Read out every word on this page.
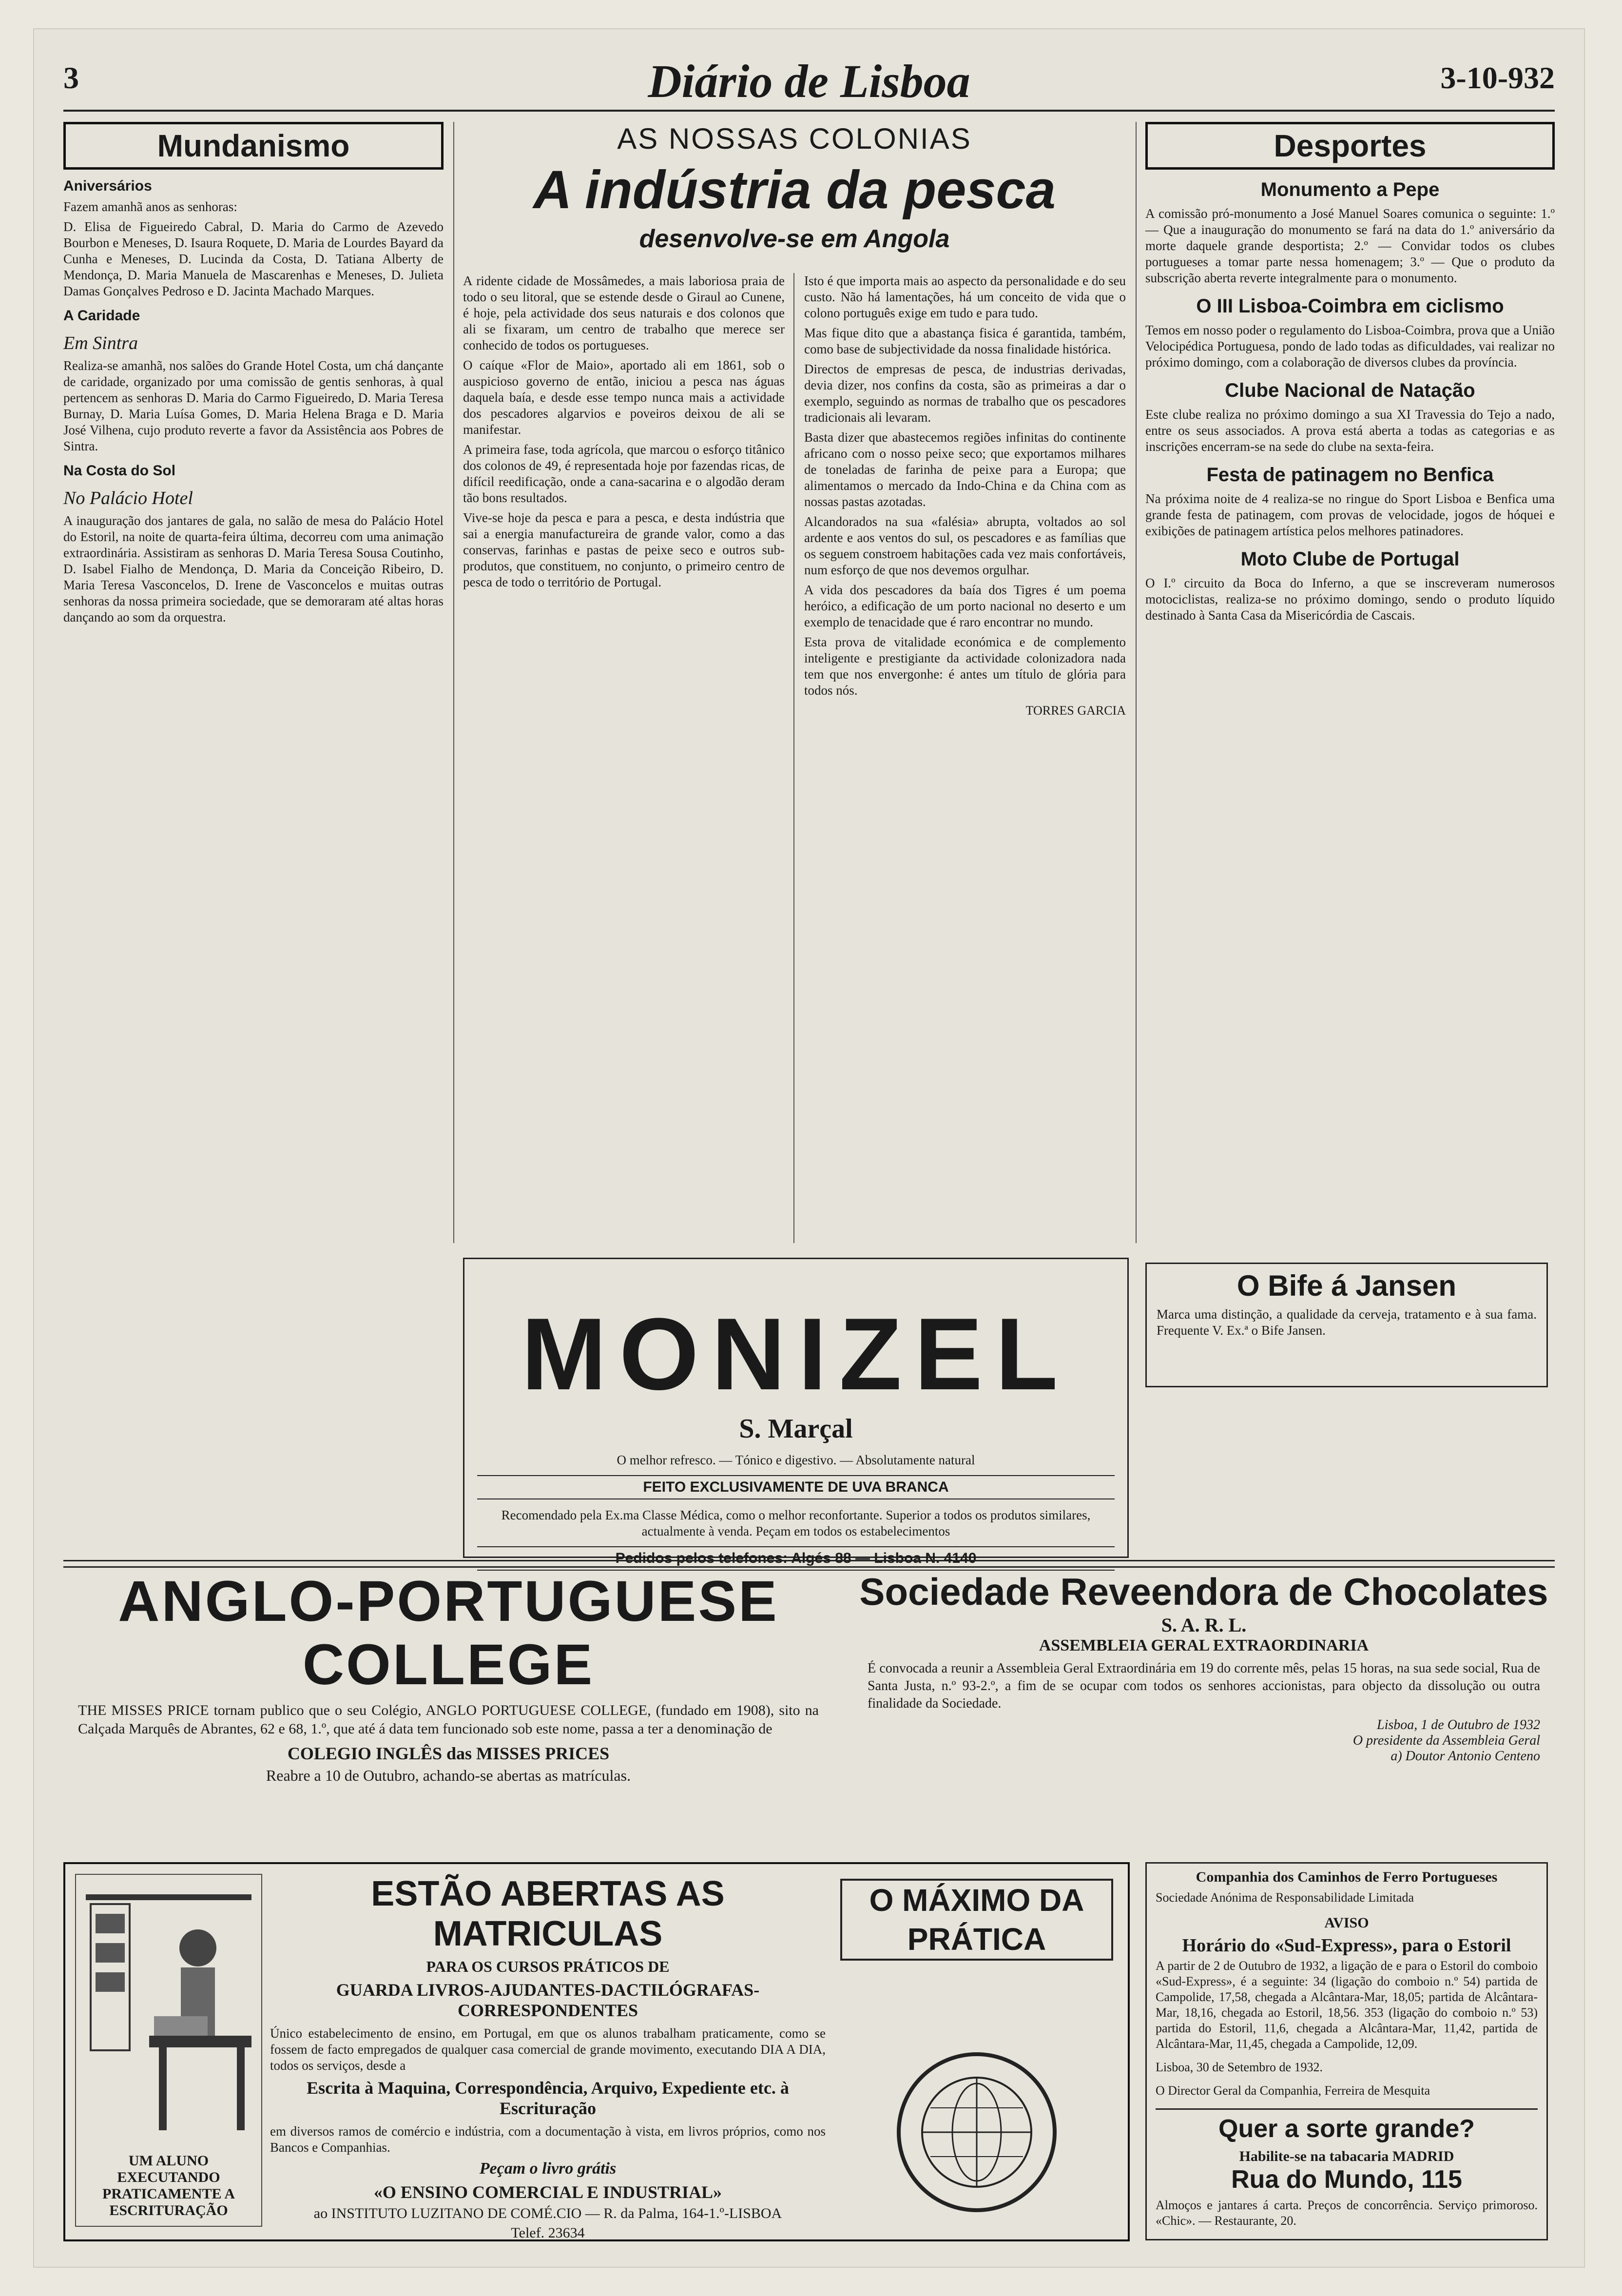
3	Diário de Lisboa	3-10-932
Mundanismo
Aniversários

Fazem amanhã anos as senhoras:

D. Elisa de Figueiredo Cabral, D. Maria do Carmo de Azevedo Bourbon e Meneses, D. Isaura Roquete, D. Maria de Lourdes Bayard da Cunha e Meneses, D. Lucinda da Costa, D. Tatiana Alberty de Mendonça, D. Maria Manuela de Mascarenhas e Meneses, D. Julieta Damas Gonçalves Pedroso e D. Jacinta Machado Marques.

A Caridade
Em Sintra

Realiza-se amanhã, nos salões do Grande Hotel Costa, um chá dançante de caridade, organizado por uma comissão de gentis senhoras, à qual pertencem as senhoras D. Maria do Carmo Figueiredo, D. Maria Teresa Burnay, D. Maria Luísa Gomes, D. Maria Helena Braga e D. Maria José Vilhena, cujo produto reverte a favor da Assistência aos Pobres de Sintra.

Na Costa do Sol
No Palácio Hotel

A inauguração dos jantares de gala, no salão de mesa do Palácio Hotel do Estoril, na noite de quarta-feira última, decorreu com uma animação extraordinária. Assistiram as senhoras D. Maria Teresa Sousa Coutinho, D. Isabel Fialho de Mendonça, D. Maria da Conceição Ribeiro, D. Maria Teresa Vasconcelos, D. Irene de Vasconcelos e muitas outras senhoras da nossa primeira sociedade, que se demoraram até altas horas dançando ao som da orquestra.

AS NOSSAS COLONIAS
A indústria da pesca
desenvolve-se em Angola

A ridente cidade de Mossâmedes, a mais laboriosa praia de todo o seu litoral, que se estende desde o Giraul ao Cunene, é hoje, pela actividade dos seus naturais e dos colonos que ali se fixaram, um centro de trabalho que merece ser conhecido de todos os portugueses.

O caíque «Flor de Maio», aportado ali em 1861, sob o auspicioso governo de então, iniciou a pesca nas águas daquela baía, e desde esse tempo nunca mais a actividade dos pescadores algarvios e poveiros deixou de ali se manifestar.

A primeira fase, toda agrícola, que marcou o esforço titânico dos colonos de 49, é representada hoje por fazendas ricas, de difícil reedificação, onde a cana-sacarina e o algodão deram tão bons resultados.

Vive-se hoje da pesca e para a pesca, e desta indústria que sai a energia manufactureira de grande valor, como a das conservas, farinhas e pastas de peixe seco e outros sub-produtos, que constituem, no conjunto, o primeiro centro de pesca de todo o território de Portugal.

Isto é que importa mais ao aspecto da personalidade e do seu custo. Não há lamentações, há um conceito de vida que o colono português exige em tudo e para tudo.

Mas fique dito que a abastança fisica é garantida, também, como base de subjectividade da nossa finalidade histórica.

Directos de empresas de pesca, de industrias derivadas, devia dizer, nos confins da costa, são as primeiras a dar o exemplo, seguindo as normas de trabalho que os pescadores tradicionais ali levaram.

Basta dizer que abastecemos regiões infinitas do continente africano com o nosso peixe seco; que exportamos milhares de toneladas de farinha de peixe para a Europa; que alimentamos o mercado da Indo-China e da China com as nossas pastas azotadas.

Alcandorados na sua «falésia» abrupta, voltados ao sol ardente e aos ventos do sul, os pescadores e as famílias que os seguem constroem habitações cada vez mais confortáveis, num esforço de que nos devemos orgulhar.

A vida dos pescadores da baía dos Tigres é um poema heróico, a edificação de um porto nacional no deserto e um exemplo de tenacidade que é raro encontrar no mundo.

Esta prova de vitalidade económica e de complemento inteligente e prestigiante da actividade colonizadora nada tem que nos envergonhe: é antes um título de glória para todos nós.

TORRES GARCIA

Desportes
Monumento a Pepe

A comissão pró-monumento a José Manuel Soares comunica o seguinte: 1.º — Que a inauguração do monumento se fará na data do 1.º aniversário da morte daquele grande desportista; 2.º — Convidar todos os clubes portugueses a tomar parte nessa homenagem; 3.º — Que o produto da subscrição aberta reverte integralmente para o monumento.

O III Lisboa-Coimbra em ciclismo

Temos em nosso poder o regulamento do Lisboa-Coimbra, prova que a União Velocipédica Portuguesa, pondo de lado todas as dificuldades, vai realizar no próximo domingo, com a colaboração de diversos clubes da província.

Clube Nacional de Natação

Este clube realiza no próximo domingo a sua XI Travessia do Tejo a nado, entre os seus associados. A prova está aberta a todas as categorias e as inscrições encerram-se na sede do clube na sexta-feira.

Festa de patinagem no Benfica

Na próxima noite de 4 realiza-se no ringue do Sport Lisboa e Benfica uma grande festa de patinagem, com provas de velocidade, jogos de hóquei e exibições de patinagem artística pelos melhores patinadores.

Moto Clube de Portugal

O I.º circuito da Boca do Inferno, a que se inscreveram numerosos motociclistas, realiza-se no próximo domingo, sendo o produto líquido destinado à Santa Casa da Misericórdia de Cascais.

MONIZEL
S. Marçal
O melhor refresco. — Tónico e digestivo. — Absolutamente natural
FEITO EXCLUSIVAMENTE DE UVA BRANCA
Recomendado pela Ex.ma Classe Médica, como o melhor reconfortante. Superior a todos os produtos similares, actualmente à venda. Peçam em todos os estabelecimentos
Pedidos pelos telefones: Algés 88 — Lisboa N. 4140
O Bife á Jansen
Marca uma distinção, a qualidade da cerveja, tratamento e à sua fama. Frequente V. Ex.ª o Bife Jansen.
ANGLO-PORTUGUESE COLLEGE
THE MISSES PRICE tornam publico que o seu Colégio, ANGLO PORTUGUESE COLLEGE, (fundado em 1908), sito na Calçada Marquês de Abrantes, 62 e 68, 1.º, que até á data tem funcionado sob este nome, passa a ter a denominação de
COLEGIO INGLÊS das MISSES PRICES
Reabre a 10 de Outubro, achando-se abertas as matrículas.
Sociedade Reveendora de Chocolates
S. A. R. L.
ASSEMBLEIA GERAL EXTRAORDINARIA
É convocada a reunir a Assembleia Geral Extraordinária em 19 do corrente mês, pelas 15 horas, na sua sede social, Rua de Santa Justa, n.º 93-2.º, a fim de se ocupar com todos os senhores accionistas, para objecto da dissolução ou outra finalidade da Sociedade.
Lisboa, 1 de Outubro de 1932
O presidente da Assembleia Geral
a) Doutor Antonio Centeno
UM ALUNO EXECUTANDO PRATICAMENTE A ESCRITURAÇÃO
ESTÃO ABERTAS AS MATRICULAS
PARA OS CURSOS PRÁTICOS DE
GUARDA LIVROS-AJUDANTES-DACTILÓGRAFAS-CORRESPONDENTES
Único estabelecimento de ensino, em Portugal, em que os alunos trabalham praticamente, como se fossem de facto empregados de qualquer casa comercial de grande movimento, executando DIA A DIA, todos os serviços, desde a
Escrita à Maquina, Correspondência, Arquivo, Expediente etc. à Escrituração
em diversos ramos de comércio e indústria, com a documentação à vista, em livros próprios, como nos Bancos e Companhias.
Peçam o livro grátis
«O ENSINO COMERCIAL E INDUSTRIAL»
ao INSTITUTO LUZITANO DE COMÉ.CIO — R. da Palma, 164-1.º-LISBOA
Telef. 23634
O MÁXIMO DA PRÁTICA
Companhia dos Caminhos de Ferro Portugueses
Sociedade Anónima de Responsabilidade Limitada
AVISO
Horário do «Sud-Express», para o Estoril
A partir de 2 de Outubro de 1932, a ligação de e para o Estoril do comboio «Sud-Express», é a seguinte: 34 (ligação do comboio n.º 54) partida de Campolide, 17,58, chegada a Alcântara-Mar, 18,05; partida de Alcântara-Mar, 18,16, chegada ao Estoril, 18,56. 353 (ligação do comboio n.º 53) partida do Estoril, 11,6, chegada a Alcântara-Mar, 11,42, partida de Alcântara-Mar, 11,45, chegada a Campolide, 12,09.
Lisboa, 30 de Setembro de 1932.
O Director Geral da Companhia, Ferreira de Mesquita
Quer a sorte grande?
Habilite-se na tabacaria MADRID
Rua do Mundo, 115
Almoços e jantares á carta. Preços de concorrência. Serviço primoroso. «Chic». — Restaurante, 20.
